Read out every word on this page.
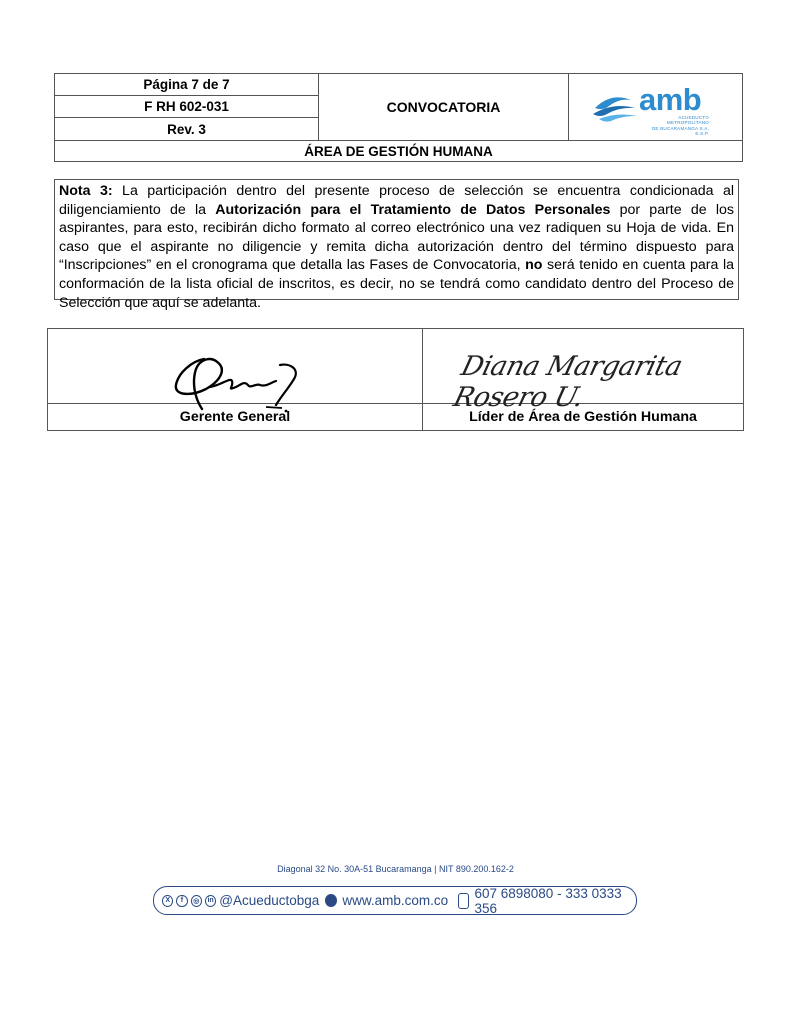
Página 7 de 7
F RH 602-031
Rev. 3
CONVOCATORIA	amb
ACUEDUCTO METROPOLITANO
DE BUCARAMANGA S.A. E.S.P.
ÁREA DE GESTIÓN HUMANA
Nota 3: La participación dentro del presente proceso de selección se encuentra condicionada al diligenciamiento de la Autorización para el Tratamiento de Datos Personales por parte de los aspirantes, para esto, recibirán dicho formato al correo electrónico una vez radiquen su Hoja de vida. En caso que el aspirante no diligencie y remita dicha autorización dentro del término dispuesto para “Inscripciones” en el cronograma que detalla las Fases de Convocatoria, no será tenido en cuenta para la conformación de la lista oficial de inscritos, es decir, no se tendrá como candidato dentro del Proceso de Selección que aquí se adelanta.
Diana Margarita Rosero U.
Gerente General	Líder de Área de Gestión Humana
Diagonal 32 No. 30A-51 Bucaramanga | NIT 890.200.162-2
X	f	◎	in @Acueductobga www.amb.com.co 607 6898080 - 333 0333 356
